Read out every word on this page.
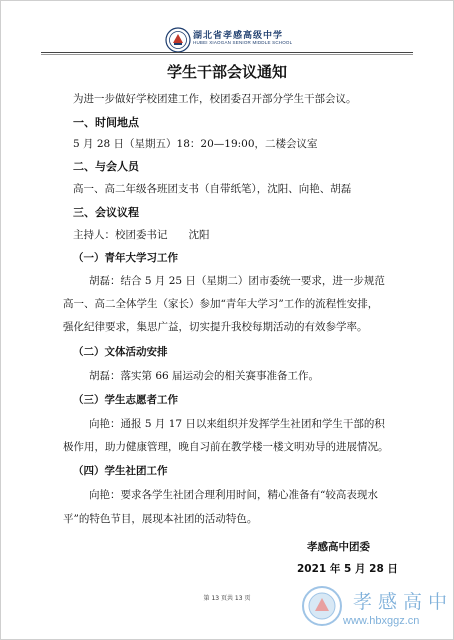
湖北省孝感高级中学
HUBEI XIAOGAN SENIOR MIDDLE SCHOOL
学生干部会议通知
为进一步做好学校团建工作，校团委召开部分学生干部会议。
一、时间地点
5 月 28 日（星期五）18：20—19:00，二楼会议室
二、与会人员
高一、高二年级各班团支书（自带纸笔），沈阳、向艳、胡磊
三、会议议程
主持人：校团委书记　　沈阳
（一）青年大学习工作
胡磊：结合 5 月 25 日（星期二）团市委统一要求，进一步规范
高一、高二全体学生（家长）参加“青年大学习”工作的流程性安排，
强化纪律要求，集思广益，切实提升我校每期活动的有效参学率。
（二）文体活动安排
胡磊：落实第 66 届运动会的相关赛事准备工作。
（三）学生志愿者工作
向艳：通报 5 月 17 日以来组织并发挥学生社团和学生干部的积
极作用，助力健康管理，晚自习前在教学楼一楼文明劝导的进展情况。
（四）学生社团工作
向艳：要求各学生社团合理利用时间，精心准备有“较高表现水
平”的特色节目，展现本社团的活动特色。
孝感高中团委
2021 年 5 月 28 日
第 13 页共 13 页	孝感高中
www.hbxggz.cn
